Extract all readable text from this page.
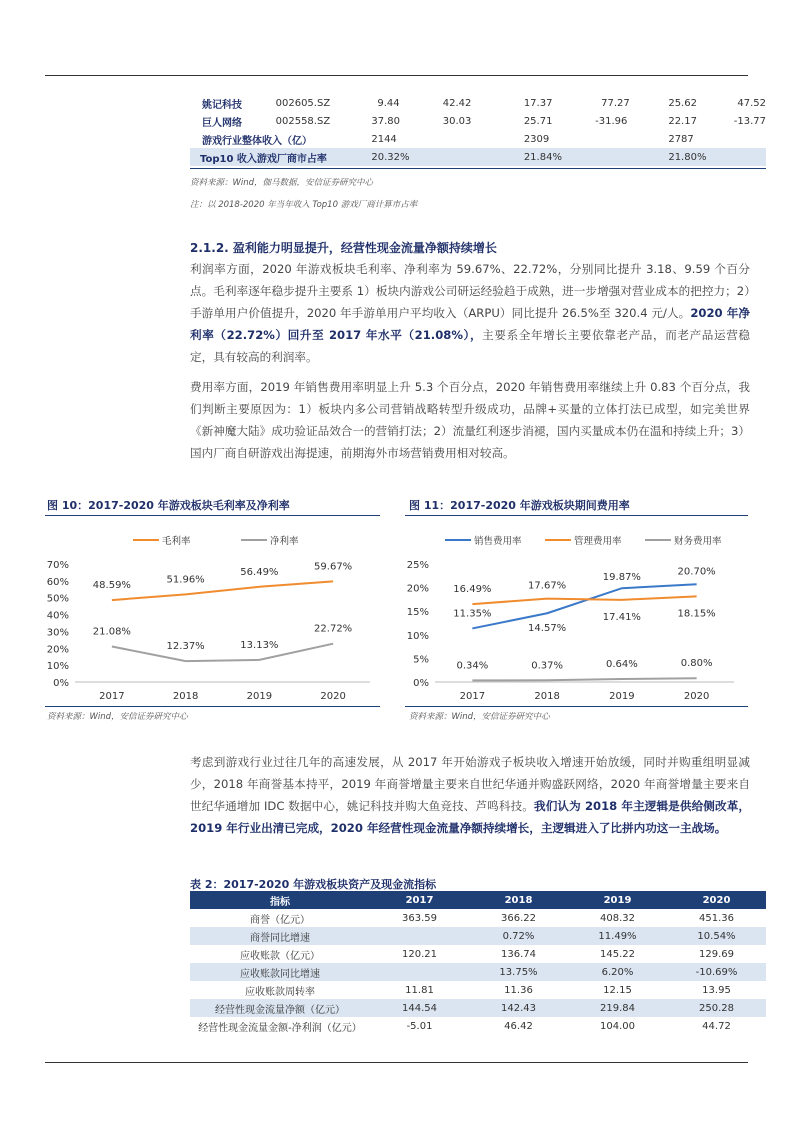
姚记科技	002605.SZ	9.44	42.42	17.37	77.27	25.62	47.52
巨人网络	002558.SZ	37.80	30.03	25.71	-31.96	22.17	-13.77
游戏行业整体收入（亿）		2144		2309		2787	
Top10 收入游戏厂商市占率		20.32%		21.84%		21.80%	
资料来源：Wind，伽马数据，安信证券研究中心
注：以 2018-2020 年当年收入 Top10 游戏厂商计算市占率
2.1.2. 盈利能力明显提升，经营性现金流量净额持续增长
利润率方面，2020 年游戏板块毛利率、净利率为 59.67%、22.72%，分别同比提升 3.18、9.59 个百分点。毛利率逐年稳步提升主要系 1）板块内游戏公司研运经验趋于成熟，进一步增强对营业成本的把控力；2）手游单用户价值提升，2020 年手游单用户平均收入（ARPU）同比提升 26.5%至 320.4 元/人。2020 年净利率（22.72%）回升至 2017 年水平（21.08%），主要系全年增长主要依靠老产品，而老产品运营稳定，具有较高的利润率。
费用率方面，2019 年销售费用率明显上升 5.3 个百分点，2020 年销售费用率继续上升 0.83 个百分点，我们判断主要原因为：1）板块内多公司营销战略转型升级成功，品牌+买量的立体打法已成型，如完美世界《新神魔大陆》成功验证品效合一的营销打法；2）流量红利逐步消褪，国内买量成本仍在温和持续上升；3）国内厂商自研游戏出海提速，前期海外市场营销费用相对较高。
图 10：2017-2020 年游戏板块毛利率及净利率	图 11：2017-2020 年游戏板块期间费用率
毛利率	净利率
0%
10%
20%
30%
40%
50%
60%
70%
2017	2018	2019	2020
48.59%
51.96%
56.49%	59.67%
21.08%
12.37%	13.13%
22.72%
销售费用率	管理费用率	财务费用率
0%
5%
10%
15%
20%
25%
2017	2018	2019	2020
11.35%
14.57%
19.87%
20.70%
16.49%	17.67%
17.41%	18.15%
0.34%	0.37%	0.64%	0.80%
资料来源：Wind，安信证券研究中心	资料来源：Wind，安信证券研究中心
考虑到游戏行业过往几年的高速发展，从 2017 年开始游戏子板块收入增速开始放缓，同时并购重组明显减少，2018 年商誉基本持平，2019 年商誉增量主要来自世纪华通并购盛跃网络，2020 年商誉增量主要来自世纪华通增加 IDC 数据中心，姚记科技并购大鱼竞技、芦鸣科技。我们认为 2018 年主逻辑是供给侧改革，2019 年行业出清已完成，2020 年经营性现金流量净额持续增长，主逻辑进入了比拼内功这一主战场。
表 2：2017-2020 年游戏板块资产及现金流指标
指标	2017	2018	2019	2020
商誉（亿元）	363.59	366.22	408.32	451.36
商誉同比增速		0.72%	11.49%	10.54%
应收账款（亿元）	120.21	136.74	145.22	129.69
应收账款同比增速		13.75%	6.20%	-10.69%
应收账款周转率	11.81	11.36	12.15	13.95
经营性现金流量净额（亿元）	144.54	142.43	219.84	250.28
经营性现金流量金额-净利润（亿元）	-5.01	46.42	104.00	44.72
